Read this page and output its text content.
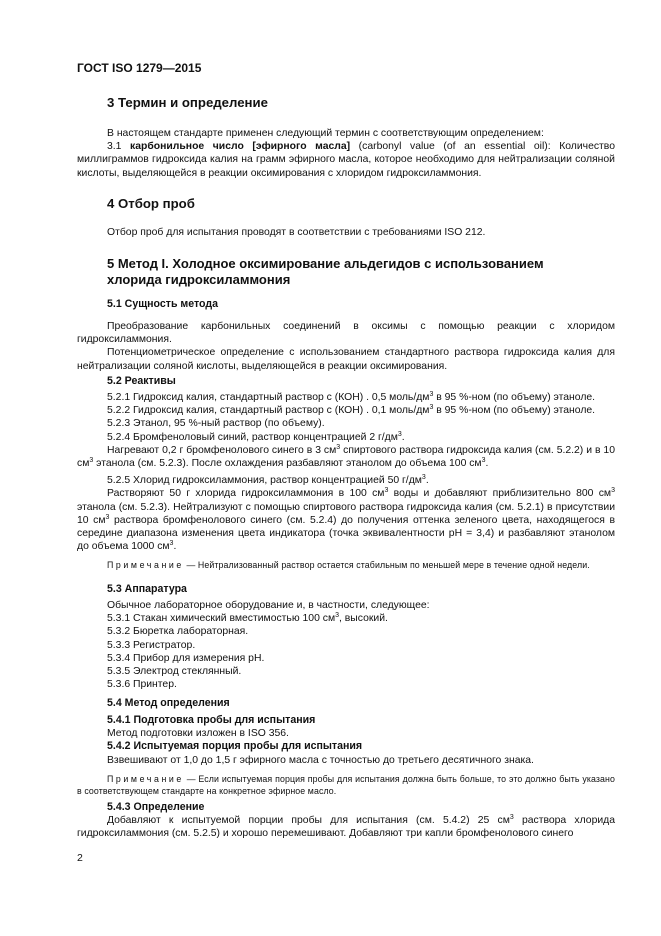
ГОСТ ISO 1279—2015

3 Термин и определение

В настоящем стандарте применен следующий термин с соответствующим определением:

3.1 карбонильное число [эфирного масла] (carbonyl value (of an essential oil): Количество миллиграммов гидроксида калия на грамм эфирного масла, которое необходимо для нейтрализации соляной кислоты, выделяющейся в реакции оксимирования с хлоридом гидроксиламмония.

4 Отбор проб

Отбор проб для испытания проводят в соответствии с требованиями ISO 212.

5 Метод I. Холодное оксимирование альдегидов с использованием
хлорида гидроксиламмония

5.1 Сущность метода

Преобразование карбонильных соединений в оксимы с помощью реакции с хлоридом гидроксиламмония.

Потенциометрическое определение с использованием стандартного раствора гидроксида калия для нейтрализации соляной кислоты, выделяющейся в реакции оксимирования.

5.2 Реактивы

5.2.1 Гидроксид калия, стандартный раствор c (КОН) . 0,5 моль/$дм^3$ в 95 %-ном (по объему) этаноле.

5.2.2 Гидроксид калия, стандартный раствор c (КОН) . 0,1 моль/$дм^3$ в 95 %-ном (по объему) этаноле.

5.2.3 Этанол, 95 %-ный раствор (по объему).

5.2.4 Бромфеноловый синий, раствор концентрацией 2 $г/дм^3$.

Нагревают 0,2 г бромфенолового синего в 3 $см^3$ спиртового раствора гидроксида калия (см. 5.2.2) и в 10 $см^3$ этанола (см. 5.2.3). После охлаждения разбавляют этанолом до объема 100 $см^3$.

5.2.5 Хлорид гидроксиламмония, раствор концентрацией 50 $г/дм^3$.

Растворяют 50 г хлорида гидроксиламмония в 100 $см^3$ воды и добавляют приблизительно 800 $см^3$ этанола (см. 5.2.3). Нейтрализуют с помощью спиртового раствора гидроксида калия (см. 5.2.1) в присутствии 10 $см^3$ раствора бромфенолового синего (см. 5.2.4) до получения оттенка зеленого цвета, находящегося в середине диапазона изменения цвета индикатора (точка эквивалентности pH = 3,4) и разбавляют этанолом до объема 1000 $см^3$.

Примечание — Нейтрализованный раствор остается стабильным по меньшей мере в течение одной недели.

5.3 Аппаратура

Обычное лабораторное оборудование и, в частности, следующее:

5.3.1 Стакан химический вместимостью 100 $см^3$, высокий.

5.3.2 Бюретка лабораторная.

5.3.3 Регистратор.

5.3.4 Прибор для измерения pH.

5.3.5 Электрод стеклянный.

5.3.6 Принтер.

5.4 Метод определения

5.4.1 Подготовка пробы для испытания

Метод подготовки изложен в ISO 356.

5.4.2 Испытуемая порция пробы для испытания

Взвешивают от 1,0 до 1,5 г эфирного масла с точностью до третьего десятичного знака.

Примечание — Если испытуемая порция пробы для испытания должна быть больше, то это должно быть указано в соответствующем стандарте на конкретное эфирное масло.

5.4.3 Определение

Добавляют к испытуемой порции пробы для испытания (см. 5.4.2) 25 $см^3$ раствора хлорида гидроксиламмония (см. 5.2.5) и хорошо перемешивают. Добавляют три капли бромфенолового синего

2
